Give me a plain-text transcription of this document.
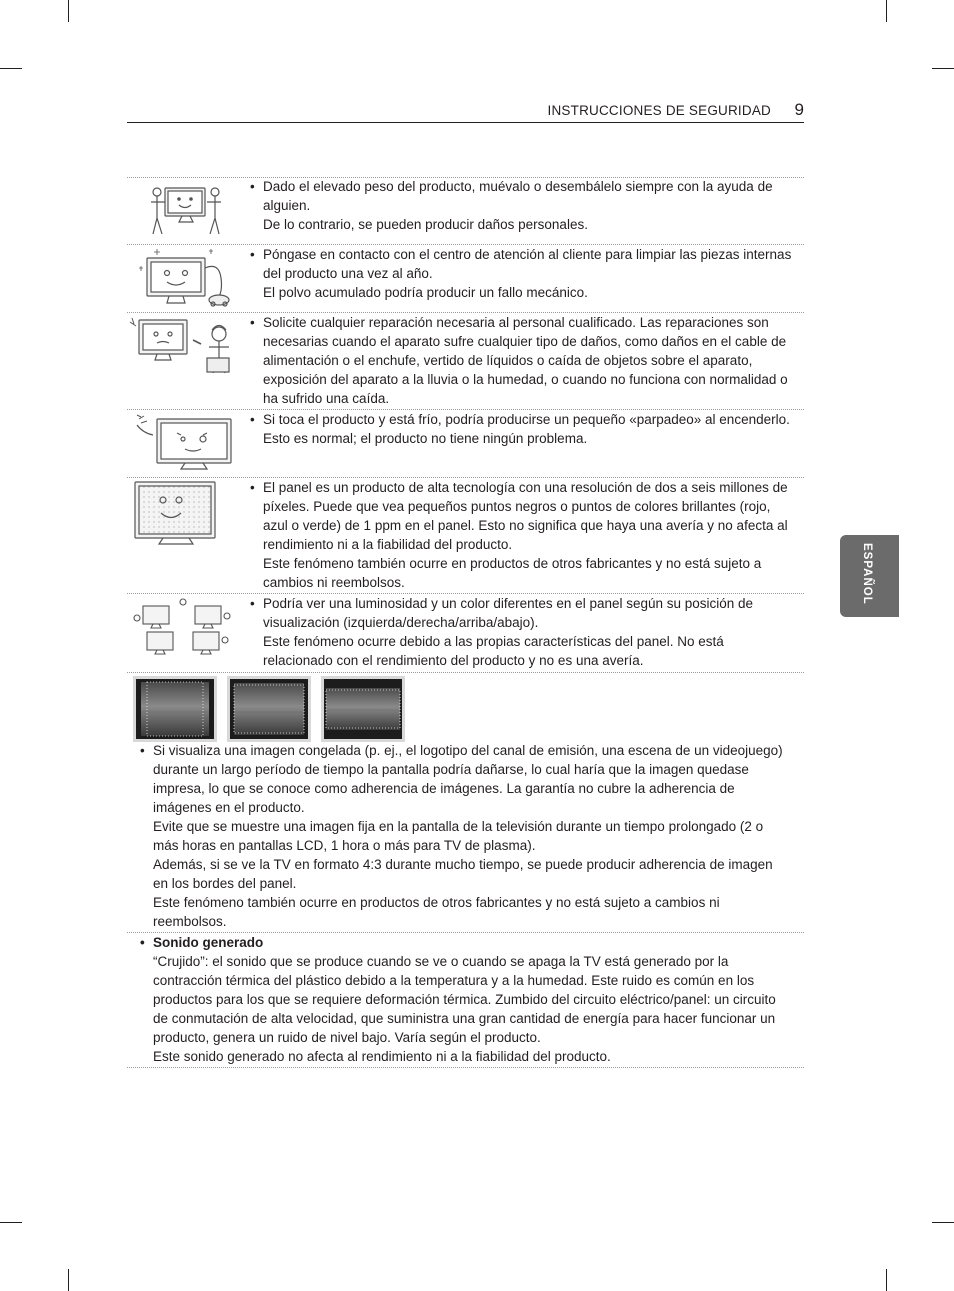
INSTRUCCIONES DE SEGURIDAD 9
ESPAÑOL
• Dado el elevado peso del producto, muévalo o desembálelo siempre con la ayuda de alguien.

De lo contrario, se pueden producir daños personales.

• Póngase en contacto con el centro de atención al cliente para limpiar las piezas internas del producto una vez al año.

El polvo acumulado podría producir un fallo mecánico.

• Solicite cualquier reparación necesaria al personal cualificado. Las reparaciones son necesarias cuando el aparato sufre cualquier tipo de daños, como daños en el cable de alimentación o el enchufe, vertido de líquidos o caída de objetos sobre el aparato, exposición del aparato a la lluvia o la humedad, o cuando no funciona con normalidad o ha sufrido una caída.

• Si toca el producto y está frío, podría producirse un pequeño «parpadeo» al encenderlo. Esto es normal; el producto no tiene ningún problema.

• El panel es un producto de alta tecnología con una resolución de dos a seis millones de píxeles. Puede que vea pequeños puntos negros o puntos de colores brillantes (rojo, azul o verde) de 1 ppm en el panel. Esto no significa que haya una avería y no afecta al rendimiento ni a la fiabilidad del producto.

Este fenómeno también ocurre en productos de otros fabricantes y no está sujeto a cambios ni reembolsos.

• Podría ver una luminosidad y un color diferentes en el panel según su posición de visualización (izquierda/derecha/arriba/abajo).

Este fenómeno ocurre debido a las propias características del panel. No está relacionado con el rendimiento del producto y no es una avería.

• Si visualiza una imagen congelada (p. ej., el logotipo del canal de emisión, una escena de un videojuego) durante un largo período de tiempo la pantalla podría dañarse, lo cual haría que la imagen quedase impresa, lo que se conoce como adherencia de imágenes. La garantía no cubre la adherencia de imágenes en el producto.

Evite que se muestre una imagen fija en la pantalla de la televisión durante un tiempo prolongado (2 o más horas en pantallas LCD, 1 hora o más para TV de plasma).

Además, si se ve la TV en formato 4:3 durante mucho tiempo, se puede producir adherencia de imagen en los bordes del panel.

Este fenómeno también ocurre en productos de otros fabricantes y no está sujeto a cambios ni reembolsos.

• Sonido generado

“Crujido”: el sonido que se produce cuando se ve o cuando se apaga la TV está generado por la contracción térmica del plástico debido a la temperatura y a la humedad. Este ruido es común en los productos para los que se requiere deformación térmica. Zumbido del circuito eléctrico/panel: un circuito de conmutación de alta velocidad, que suministra una gran cantidad de energía para hacer funcionar un producto, genera un ruido de nivel bajo. Varía según el producto.

Este sonido generado no afecta al rendimiento ni a la fiabilidad del producto.
